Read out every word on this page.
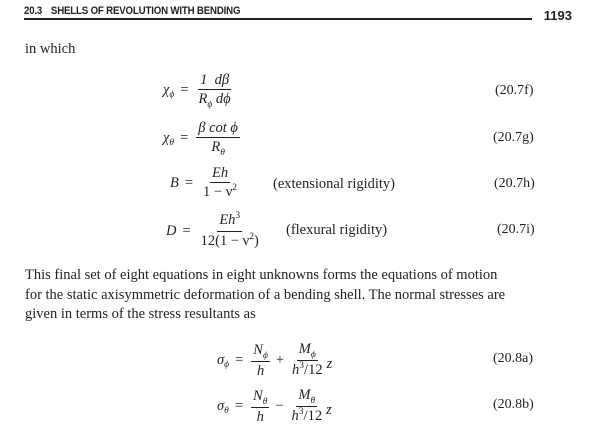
20.3 SHELLS OF REVOLUTION WITH BENDING	1193
in which
χ $\phi = \frac{1 d\beta}{R_\phi d\phi}$	(20.7f)
χ $\theta = \frac{\text{β cot ϕ}}{R_\theta}$	(20.7g)
$B = \frac{Eh}{1 - \nu^2}$ (extensional rigidity)	(20.7h)
$D = \frac{Eh^3}{12(1 - \nu^2)}$ (flexural rigidity)	(20.7i)
This final set of eight equations in eight unknowns forms the equations of motion
for the static axisymmetric deformation of a bending shell. The normal stresses are
given in terms of the stress resultants as
σ $\phi = \frac{N_\phi}{h} + \frac{M_\phi}{h^3/12}$ z	(20.8a)
σ $\theta = \frac{N_\theta}{h} - \frac{M_\theta}{h^3/12}$ z	(20.8b)
